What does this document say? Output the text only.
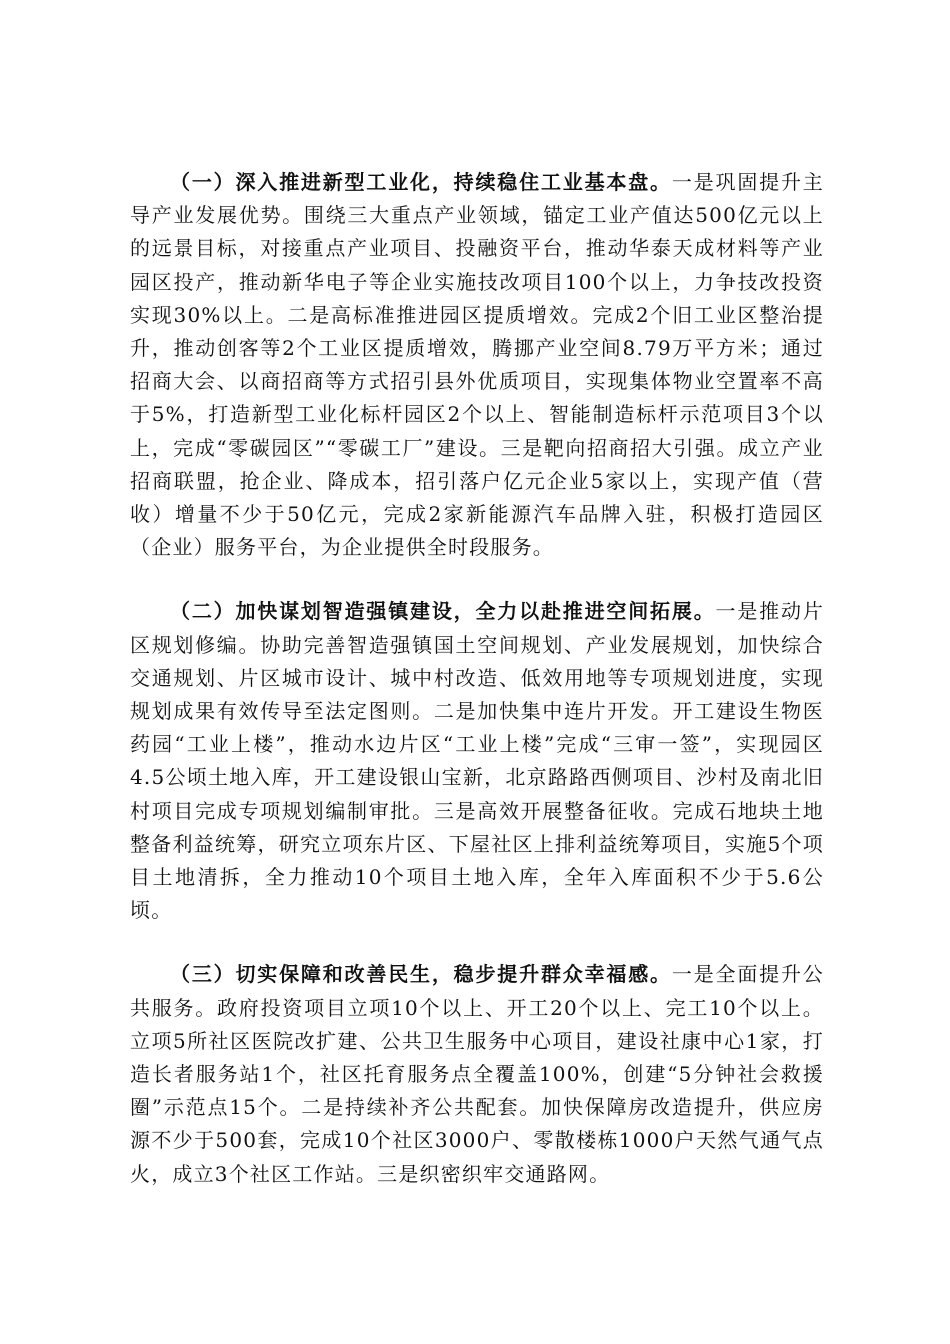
（一）深入推进新型工业化，持续稳住工业基本盘。一是巩固提升主导产业发展优势。围绕三大重点产业领域，锚定工业产值达500亿元以上的远景目标，对接重点产业项目、投融资平台，推动华泰天成材料等产业园区投产，推动新华电子等企业实施技改项目100个以上，力争技改投资实现30%以上。二是高标准推进园区提质增效。完成2个旧工业区整治提升，推动创客等2个工业区提质增效，腾挪产业空间8.79万平方米；通过招商大会、以商招商等方式招引县外优质项目，实现集体物业空置率不高于5%，打造新型工业化标杆园区2个以上、智能制造标杆示范项目3个以上，完成“零碳园区”“零碳工厂”建设。三是靶向招商招大引强。成立产业招商联盟，抢企业、降成本，招引落户亿元企业5家以上，实现产值（营收）增量不少于50亿元，完成2家新能源汽车品牌入驻，积极打造园区（企业）服务平台，为企业提供全时段服务。

（二）加快谋划智造强镇建设，全力以赴推进空间拓展。一是推动片区规划修编。协助完善智造强镇国土空间规划、产业发展规划，加快综合交通规划、片区城市设计、城中村改造、低效用地等专项规划进度，实现规划成果有效传导至法定图则。二是加快集中连片开发。开工建设生物医药园“工业上楼”，推动水边片区“工业上楼”完成“三审一签”，实现园区4.5公顷土地入库，开工建设银山宝新，北京路路西侧项目、沙村及南北旧村项目完成专项规划编制审批。三是高效开展整备征收。完成石地块土地整备利益统筹，研究立项东片区、下屋社区上排利益统筹项目，实施5个项目土地清拆，全力推动10个项目土地入库，全年入库面积不少于5.6公顷。

（三）切实保障和改善民生，稳步提升群众幸福感。一是全面提升公共服务。政府投资项目立项10个以上、开工20个以上、完工10个以上。立项5所社区医院改扩建、公共卫生服务中心项目，建设社康中心1家，打造长者服务站1个，社区托育服务点全覆盖100%，创建“5分钟社会救援圈”示范点15个。二是持续补齐公共配套。加快保障房改造提升，供应房源不少于500套，完成10个社区3000户、零散楼栋1000户天然气通气点火，成立3个社区工作站。三是织密织牢交通路网。
